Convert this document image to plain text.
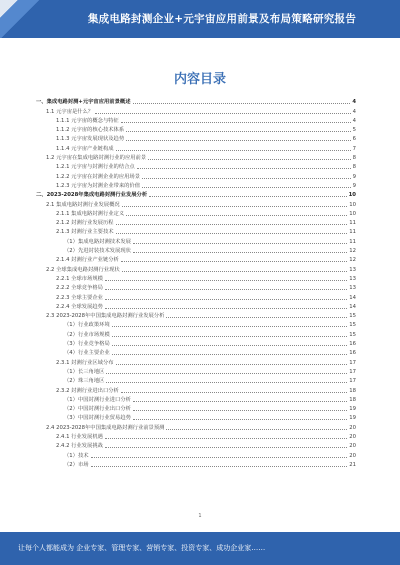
集成电路封测企业+元宇宙应用前景及布局策略研究报告
内容目录
一、集成电路封测+元宇宙应用前景概述	4
1.1 元宇宙是什么？	4
1.1.1 元宇宙的概念与特征	4
1.1.2 元宇宙的核心技术体系	5
1.1.3 元宇宙发展现状及趋势	6
1.1.4 元宇宙产业链构成	7
1.2 元宇宙在集成电路封测行业的应用前景	8
1.2.1 元宇宙与封测行业的结合点	8
1.2.2 元宇宙在封测企业的应用场景	9
1.2.3 元宇宙为封测企业带来的价值	9
二、2023-2028年集成电路封测行业发展分析	10
2.1 集成电路封测行业发展概况	10
2.1.1 集成电路封测行业定义	10
2.1.2 封测行业发展历程	11
2.1.3 封测行业主要技术	11
（1）集成电路封测技术发展	11
（2）先进封装技术发展现状	12
2.1.4 封测行业产业链分析	12
2.2 全球集成电路封测行业现状	13
2.2.1 全球市场规模	13
2.2.2 全球竞争格局	13
2.2.3 全球主要企业	14
2.2.4 全球发展趋势	14
2.3 2023-2028年中国集成电路封测行业发展分析	15
（1）行业政策环境	15
（2）行业市场规模	15
（3）行业竞争格局	16
（4）行业主要企业	16
2.3.1 封测行业区域分布	17
（1）长三角地区	17
（2）珠三角地区	17
2.3.2 封测行业进出口分析	18
（1）中国封测行业进口分析	18
（2）中国封测行业出口分析	19
（3）中国封测行业贸易趋势	19
2.4 2023-2028年中国集成电路封测行业前景预测	20
2.4.1 行业发展机遇	20
2.4.2 行业发展挑战	20
（1）技术	20
（2）市场	21
1
让每个人都能成为 企业专家、管理专家、营销专家、投资专家、成功企业家……
